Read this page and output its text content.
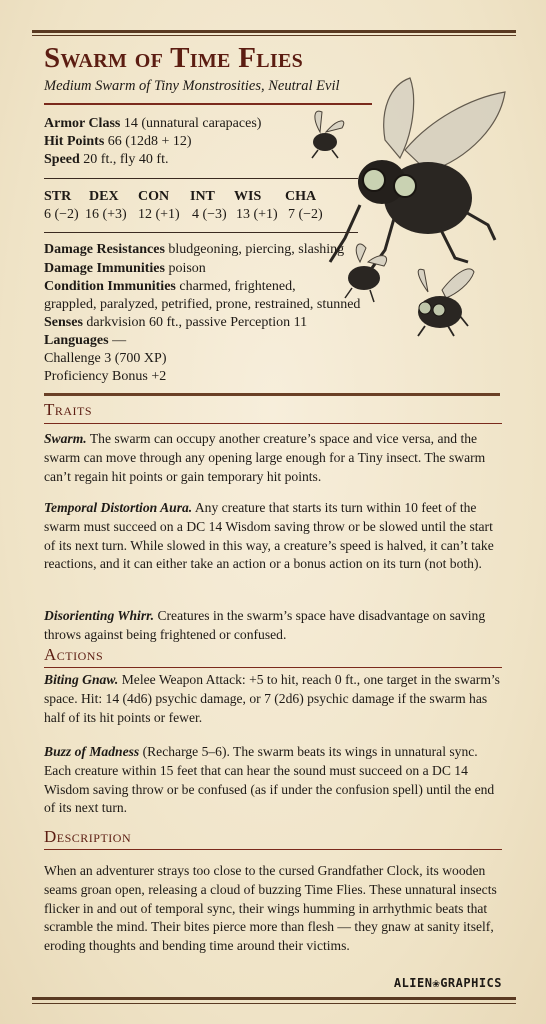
Swarm of Time Flies
Medium Swarm of Tiny Monstrosities, Neutral Evil
Armor Class 14 (unnatural carapaces)
Hit Points 66 (12d8 + 12)
Speed 20 ft., fly 40 ft.
STR DEX CON INT WIS CHA
6 (−2) 16 (+3) 12 (+1) 4 (−3) 13 (+1) 7 (−2)
Damage Resistances bludgeoning, piercing, slashing
Damage Immunities poison
Condition Immunities charmed, frightened,
grappled, paralyzed, petrified, prone, restrained, stunned
Senses darkvision 60 ft., passive Perception 11
Languages —
Challenge 3 (700 XP)
Proficiency Bonus +2
Traits
Swarm. The swarm can occupy another creature’s space and vice versa, and the swarm can move through any opening large enough for a Tiny insect. The swarm can’t regain hit points or gain temporary hit points.
Temporal Distortion Aura. Any creature that starts its turn within 10 feet of the swarm must succeed on a DC 14 Wisdom saving throw or be slowed until the start of its next turn. While slowed in this way, a creature’s speed is halved, it can’t take reactions, and it can either take an action or a bonus action on its turn (not both).
Disorienting Whirr. Creatures in the swarm’s space have disadvantage on saving throws against being frightened or confused.
Actions
Biting Gnaw. Melee Weapon Attack: +5 to hit, reach 0 ft., one target in the swarm’s space. Hit: 14 (4d6) psychic damage, or 7 (2d6) psychic damage if the swarm has half of its hit points or fewer.
Buzz of Madness (Recharge 5–6). The swarm beats its wings in unnatural sync. Each creature within 15 feet that can hear the sound must succeed on a DC 14 Wisdom saving throw or be confused (as if under the confusion spell) until the end of its next turn.
Description
When an adventurer strays too close to the cursed Grandfather Clock, its wooden seams groan open, releasing a cloud of buzzing Time Flies. These unnatural insects flicker in and out of temporal sync, their wings humming in arrhythmic beats that scramble the mind. Their bites pierce more than flesh — they gnaw at sanity itself, eroding thoughts and bending time around their victims.
ALIEN❀GRAPHICS
